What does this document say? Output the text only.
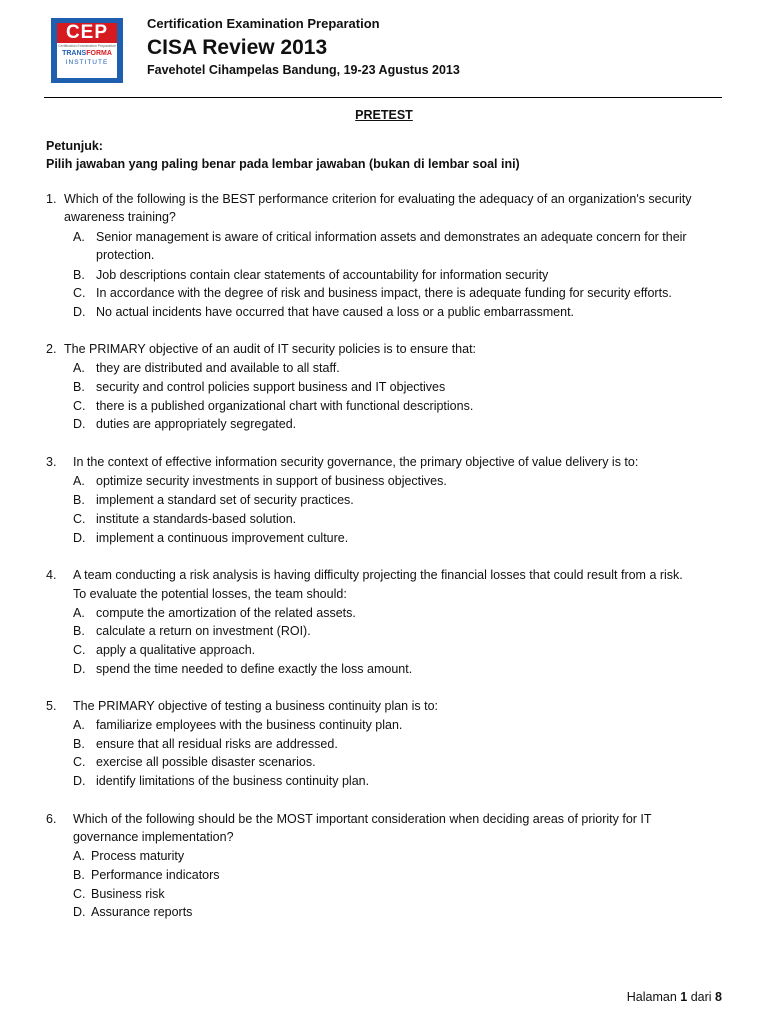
CEP
Certification Examination Preparation
TRANSFORMA
INSTITUTE
Certification Examination Preparation
CISA Review 2013
Favehotel Cihampelas Bandung, 19-23 Agustus 2013
PRETEST
Petunjuk:
Pilih jawaban yang paling benar pada lembar jawaban (bukan di lembar soal ini)
1. Which of the following is the BEST performance criterion for evaluating the adequacy of an organization's security
awareness training?
A. Senior management is aware of critical information assets and demonstrates an adequate concern for their
protection.
B. Job descriptions contain clear statements of accountability for information security
C. In accordance with the degree of risk and business impact, there is adequate funding for security efforts.
D. No actual incidents have occurred that have caused a loss or a public embarrassment.
2. The PRIMARY objective of an audit of IT security policies is to ensure that:
A. they are distributed and available to all staff.
B. security and control policies support business and IT objectives
C. there is a published organizational chart with functional descriptions.
D. duties are appropriately segregated.
3. In the context of effective information security governance, the primary objective of value delivery is to:
A. optimize security investments in support of business objectives.
B. implement a standard set of security practices.
C. institute a standards-based solution.
D. implement a continuous improvement culture.
4. A team conducting a risk analysis is having difficulty projecting the financial losses that could result from a risk.
To evaluate the potential losses, the team should:
A. compute the amortization of the related assets.
B. calculate a return on investment (ROI).
C. apply a qualitative approach.
D. spend the time needed to define exactly the loss amount.
5. The PRIMARY objective of testing a business continuity plan is to:
A. familiarize employees with the business continuity plan.
B. ensure that all residual risks are addressed.
C. exercise all possible disaster scenarios.
D. identify limitations of the business continuity plan.
6. Which of the following should be the MOST important consideration when deciding areas of priority for IT
governance implementation?
A. Process maturity
B. Performance indicators
C. Business risk
D. Assurance reports
Halaman 1 dari 8
